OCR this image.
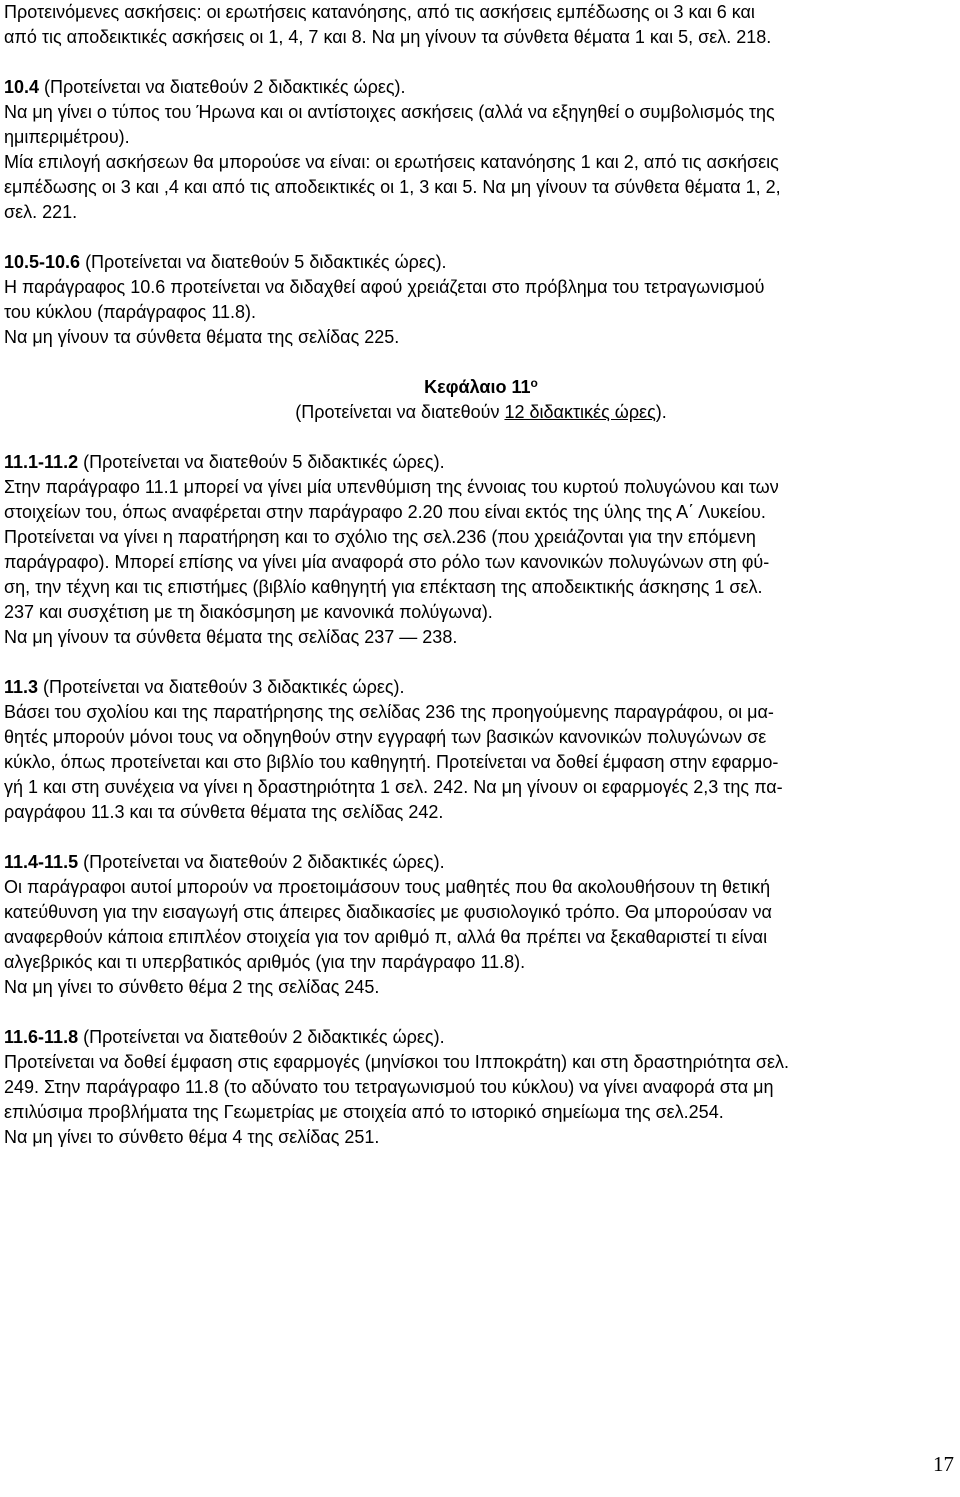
Προτεινόμενες ασκήσεις: οι ερωτήσεις κατανόησης, από τις ασκήσεις εμπέδωσης οι 3 και 6 και

από τις αποδεικτικές ασκήσεις οι 1, 4, 7 και 8. Να μη γίνουν τα σύνθετα θέματα 1 και 5, σελ. 218.

10.4 (Προτείνεται να διατεθούν 2 διδακτικές ώρες).

Να μη γίνει ο τύπος του Ήρωνα και οι αντίστοιχες ασκήσεις (αλλά να εξηγηθεί ο συμβολισμός της

ημιπεριμέτρου).

Μία επιλογή ασκήσεων θα μπορούσε να είναι: οι ερωτήσεις κατανόησης 1 και 2, από τις ασκήσεις

εμπέδωσης οι 3 και ,4 και από τις αποδεικτικές οι 1, 3 και 5. Να μη γίνουν τα σύνθετα θέματα 1, 2,

σελ. 221.

10.5-10.6 (Προτείνεται να διατεθούν 5 διδακτικές ώρες).

Η παράγραφος 10.6 προτείνεται να διδαχθεί αφού χρειάζεται στο πρόβλημα του τετραγωνισμού

του κύκλου (παράγραφος 11.8).

Να μη γίνουν τα σύνθετα θέματα της σελίδας 225.

Κεφάλαιο $11^o$

(Προτείνεται να διατεθούν 12 διδακτικές ώρες).

11.1-11.2 (Προτείνεται να διατεθούν 5 διδακτικές ώρες).

Στην παράγραφο 11.1 μπορεί να γίνει μία υπενθύμιση της έννοιας του κυρτού πολυγώνου και των

στοιχείων του, όπως αναφέρεται στην παράγραφο 2.20 που είναι εκτός της ύλης της Α΄ Λυκείου.

Προτείνεται να γίνει η παρατήρηση και το σχόλιο της σελ.236 (που χρειάζονται για την επόμενη

παράγραφο). Μπορεί επίσης να γίνει μία αναφορά στο ρόλο των κανονικών πολυγώνων στη φύ-

ση, την τέχνη και τις επιστήμες (βιβλίο καθηγητή για επέκταση της αποδεικτικής άσκησης 1 σελ.

237 και συσχέτιση με τη διακόσμηση με κανονικά πολύγωνα).

Να μη γίνουν τα σύνθετα θέματα της σελίδας 237 — 238.

11.3 (Προτείνεται να διατεθούν 3 διδακτικές ώρες).

Βάσει του σχολίου και της παρατήρησης της σελίδας 236 της προηγούμενης παραγράφου, οι μα-

θητές μπορούν μόνοι τους να οδηγηθούν στην εγγραφή των βασικών κανονικών πολυγώνων σε

κύκλο, όπως προτείνεται και στο βιβλίο του καθηγητή. Προτείνεται να δοθεί έμφαση στην εφαρμο-

γή 1 και στη συνέχεια να γίνει η δραστηριότητα 1 σελ. 242. Να μη γίνουν οι εφαρμογές 2,3 της πα-

ραγράφου 11.3 και τα σύνθετα θέματα της σελίδας 242.

11.4-11.5 (Προτείνεται να διατεθούν 2 διδακτικές ώρες).

Οι παράγραφοι αυτοί μπορούν να προετοιμάσουν τους μαθητές που θα ακολουθήσουν τη θετική

κατεύθυνση για την εισαγωγή στις άπειρες διαδικασίες με φυσιολογικό τρόπο. Θα μπορούσαν να

αναφερθούν κάποια επιπλέον στοιχεία για τον αριθμό π, αλλά θα πρέπει να ξεκαθαριστεί τι είναι

αλγεβρικός και τι υπερβατικός αριθμός (για την παράγραφο 11.8).

Να μη γίνει το σύνθετο θέμα 2 της σελίδας 245.

11.6-11.8 (Προτείνεται να διατεθούν 2 διδακτικές ώρες).

Προτείνεται να δοθεί έμφαση στις εφαρμογές (μηνίσκοι του Ιπποκράτη) και στη δραστηριότητα σελ.

249. Στην παράγραφο 11.8 (το αδύνατο του τετραγωνισμού του κύκλου) να γίνει αναφορά στα μη

επιλύσιμα προβλήματα της Γεωμετρίας με στοιχεία από το ιστορικό σημείωμα της σελ.254.

Να μη γίνει το σύνθετο θέμα 4 της σελίδας 251.

17
